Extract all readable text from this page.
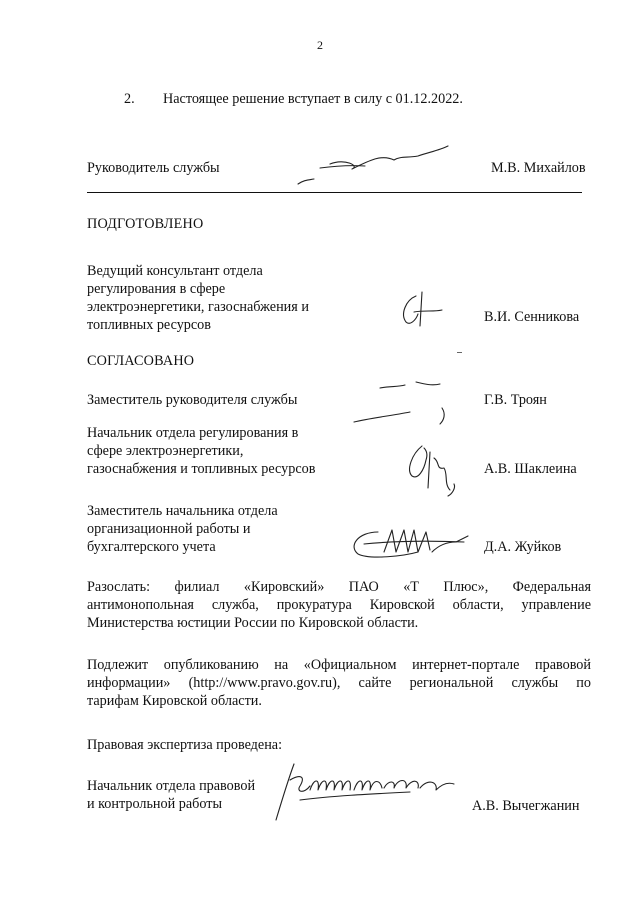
2
2. Настоящее решение вступает в силу с 01.12.2022.
Руководитель службы	М.В. Михайлов
ПОДГОТОВЛЕНО
Ведущий консультант отдела
регулирования в сфере
электроэнергетики, газоснабжения и
топливных ресурсов	В.И. Сенникова
СОГЛАСОВАНО
Заместитель руководителя службы	Г.В. Троян
Начальник отдела регулирования в
сфере электроэнергетики,
газоснабжения и топливных ресурсов	А.В. Шаклеина
Заместитель начальника отдела
организационной работы и
бухгалтерского учета	Д.А. Жуйков
Разослать: филиал «Кировский» ПАО «Т Плюс», Федеральная
антимонопольная служба, прокуратура Кировской области, управление
Министерства юстиции России по Кировской области.
Подлежит опубликованию на «Официальном интернет-портале правовой
информации» (http://www.pravo.gov.ru), сайте региональной службы по
тарифам Кировской области.
Правовая экспертиза проведена:
Начальник отдела правовой
и контрольной работы	А.В. Вычегжанин
